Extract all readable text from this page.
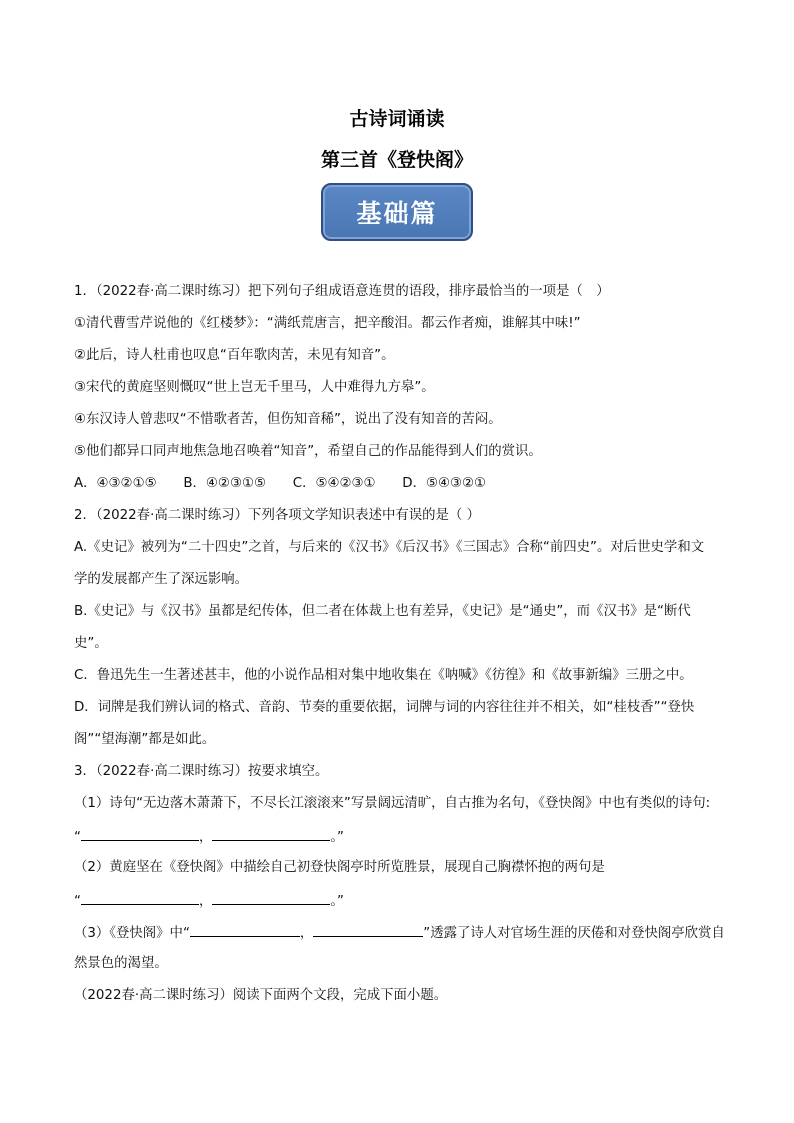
古诗词诵读
第三首《登快阁》
基础篇
1．（2022春·高二课时练习）把下列句子组成语意连贯的语段，排序最恰当的一项是（　）
①清代曹雪芹说他的《红楼梦》：“满纸荒唐言，把辛酸泪。都云作者痴，谁解其中味!”
②此后，诗人杜甫也叹息“百年歌肉苦，未见有知音”。
③宋代的黄庭坚则慨叹“世上岂无千里马，人中难得九方皋”。
④东汉诗人曾悲叹“不惜歌者苦，但伤知音稀”，说出了没有知音的苦闷。
⑤他们都异口同声地焦急地召唤着“知音”，希望自己的作品能得到人们的赏识。
A．④③②①⑤　　B．④②③①⑤　　C．⑤④②③①　　D．⑤④③②①
2．（2022春·高二课时练习）下列各项文学知识表述中有误的是（ ）
A.《史记》被列为“二十四史”之首，与后来的《汉书》《后汉书》《三国志》合称“前四史”。对后世史学和文
学的发展都产生了深远影响。
B.《史记》与《汉书》虽都是纪传体，但二者在体裁上也有差异，《史记》是“通史”，而《汉书》是“断代
史”。
C．鲁迅先生一生著述甚丰，他的小说作品相对集中地收集在《呐喊》《彷徨》和《故事新编》三册之中。
D．词牌是我们辨认词的格式、音韵、节奏的重要依据，词牌与词的内容往往并不相关，如“桂枝香”“登快
阁”“望海潮”都是如此。
3．（2022春·高二课时练习）按要求填空。
（1）诗句“无边落木萧萧下，不尽长江滚滚来”写景阔远清旷，自古推为名句，《登快阁》中也有类似的诗句:
“	，	。”
（2）黄庭坚在《登快阁》中描绘自己初登快阁亭时所览胜景，展现自己胸襟怀抱的两句是
“	，	。”
（3）《登快阁》中“	，	”透露了诗人对官场生涯的厌倦和对登快阁亭欣赏自
然景色的渴望。
（2022春·高二课时练习）阅读下面两个文段，完成下面小题。
